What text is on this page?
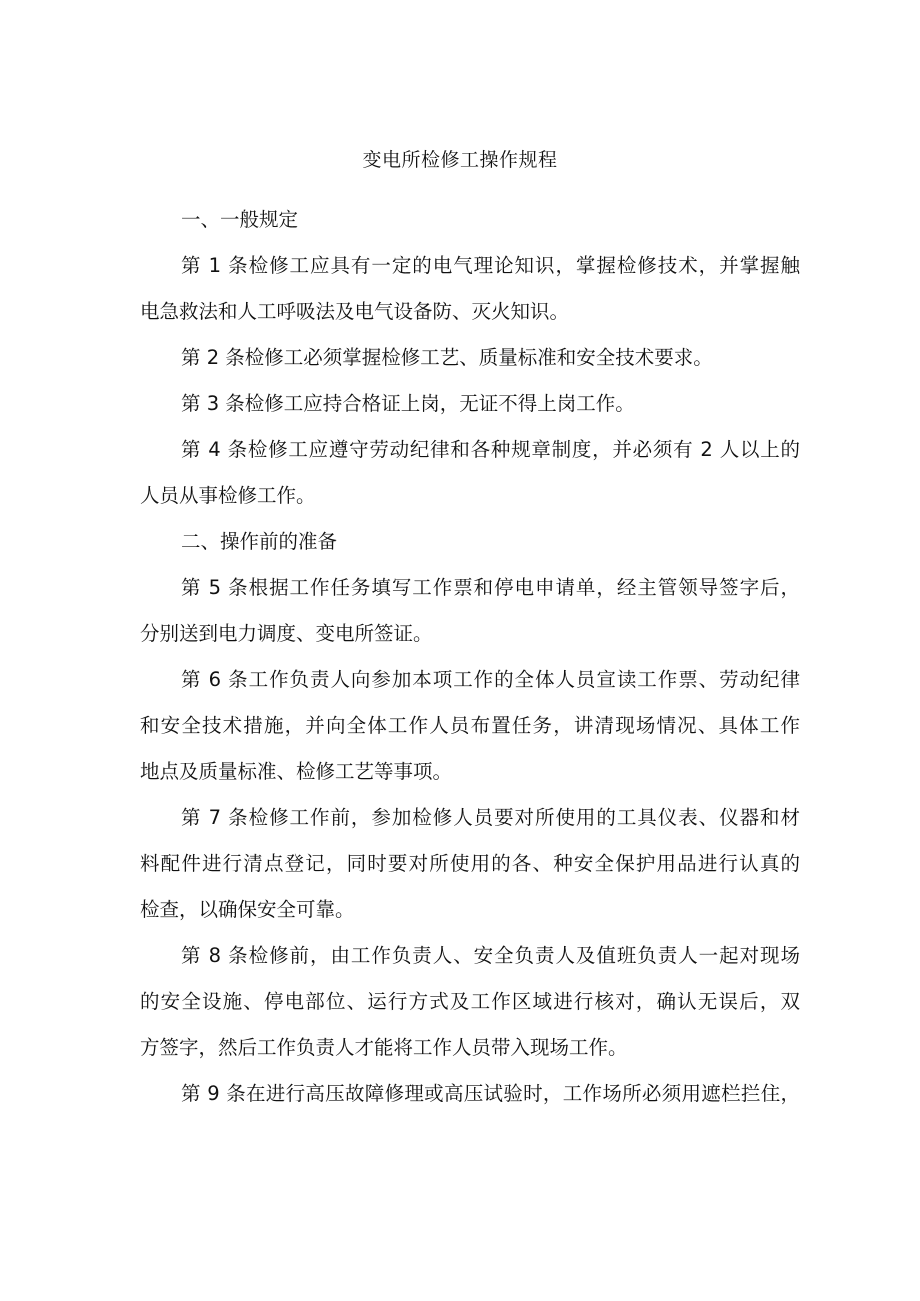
变电所检修工操作规程
一、一般规定
第 1 条检修工应具有一定的电气理论知识，掌握检修技术，并掌握触
电急救法和人工呼吸法及电气设备防、灭火知识。
第 2 条检修工必须掌握检修工艺、质量标准和安全技术要求。
第 3 条检修工应持合格证上岗，无证不得上岗工作。
第 4 条检修工应遵守劳动纪律和各种规章制度，并必须有 2 人以上的
人员从事检修工作。
二、操作前的准备
第 5 条根据工作任务填写工作票和停电申请单，经主管领导签字后，
分别送到电力调度、变电所签证。
第 6 条工作负责人向参加本项工作的全体人员宣读工作票、劳动纪律
和安全技术措施，并向全体工作人员布置任务，讲清现场情况、具体工作
地点及质量标准、检修工艺等事项。
第 7 条检修工作前，参加检修人员要对所使用的工具仪表、仪器和材
料配件进行清点登记，同时要对所使用的各、种安全保护用品进行认真的
检查，以确保安全可靠。
第 8 条检修前，由工作负责人、安全负责人及值班负责人一起对现场
的安全设施、停电部位、运行方式及工作区域进行核对，确认无误后，双
方签字，然后工作负责人才能将工作人员带入现场工作。
第 9 条在进行高压故障修理或高压试验时，工作场所必须用遮栏拦住，
